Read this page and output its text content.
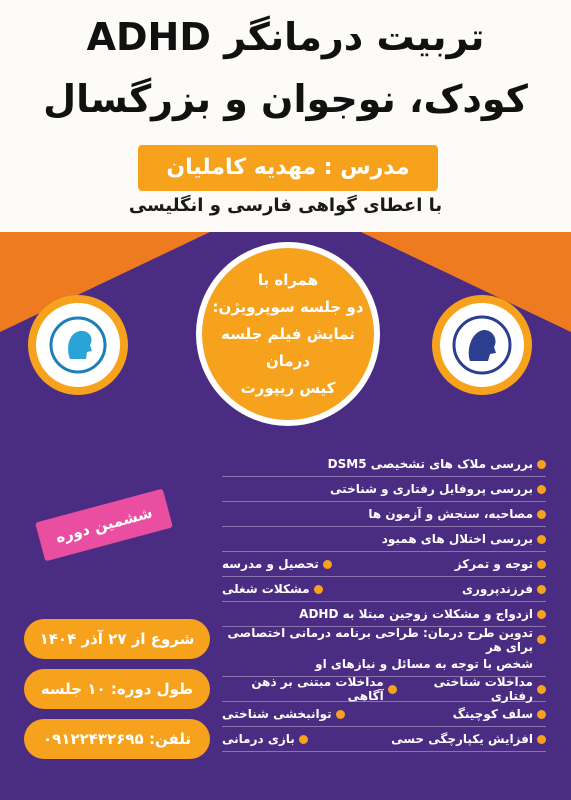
تربیت درمانگر ADHD
کودک، نوجوان و بزرگسال
مدرس : مهدیه کاملیان
با اعطای گواهی فارسی و انگلیسی
همراه با
دو جلسه سوپرویژن:
نمایش فیلم جلسه درمان
کیس ریپورت
ششمین دوره
شروع از ۲۷ آذر ۱۴۰۴
طول دوره: ۱۰ جلسه
تلفن: ۰۹۱۲۲۴۳۲۶۹۵
بررسی ملاک های تشخیصی DSM5
بررسی پروفایل رفتاری و شناختی
مصاحبه، سنجش و آزمون ها
بررسی اختلال های همبود
توجه و تمرکز
تحصیل و مدرسه
فرزندپروری
مشکلات شغلی
ازدواج و مشکلات زوجین مبتلا به ADHD
تدوین طرح درمان: طراحی برنامه درمانی اختصاصی برای هر
شخص با توجه به مسائل و نیازهای او
مداخلات شناختی رفتاری
مداخلات مبتنی بر ذهن آگاهی
سلف کوچینگ
توانبخشی شناختی
افزایش یکپارچگی حسی
بازی درمانی
